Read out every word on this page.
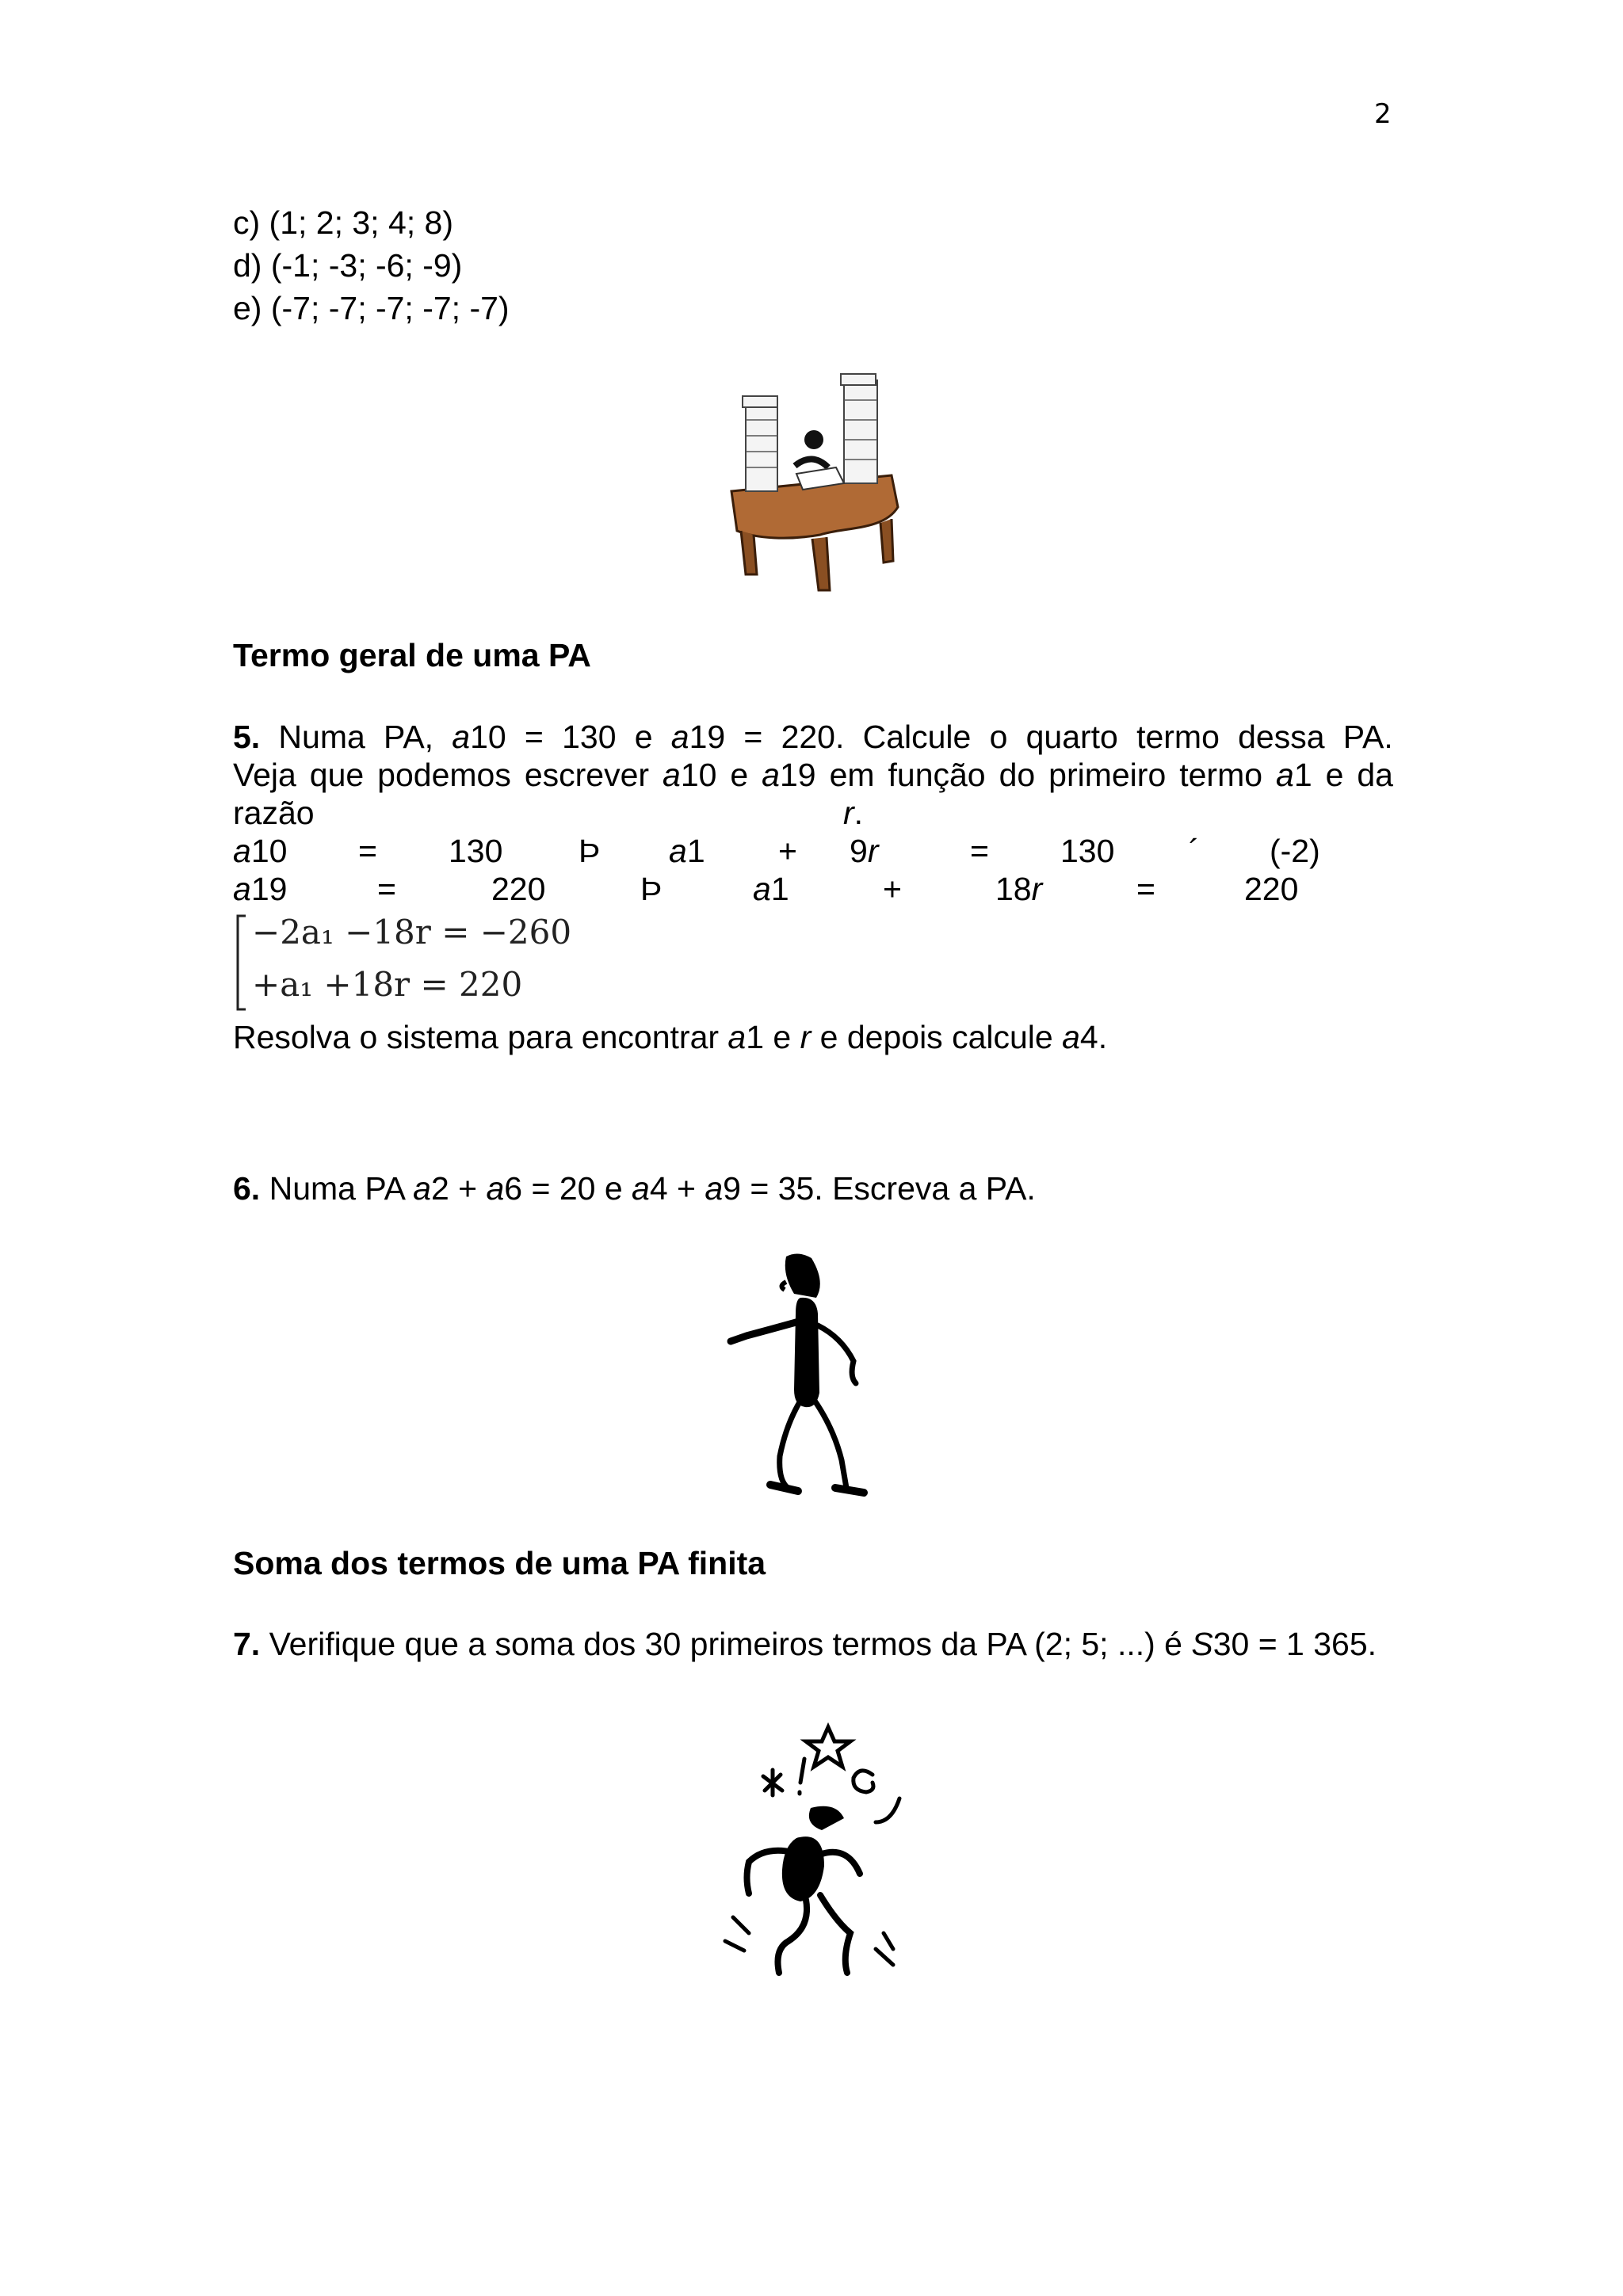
2
c) (1; 2; 3; 4; 8)
d) (-1; -3; -6; -9)
e) (-7; -7; -7; -7; -7)
Termo geral de uma PA
5. Numa PA, a10 = 130 e a19 = 220. Calcule o quarto termo dessa PA.
Veja que podemos escrever a10 e a19 em função do primeiro termo a1 e da
razão	r.
a10 = 130 Þ a1 + 9r	= 130 ´ (-2)
a19	=	220	Þ	a1	+	18r	=	220
−2a₁ −18r = −260
+a₁ +18r = 220
Resolva o sistema para encontrar a1 e r e depois calcule a4.
6. Numa PA a2 + a6 = 20 e a4 + a9 = 35. Escreva a PA.
Soma dos termos de uma PA finita
7. Verifique que a soma dos 30 primeiros termos da PA (2; 5; ...) é S30 = 1 365.
